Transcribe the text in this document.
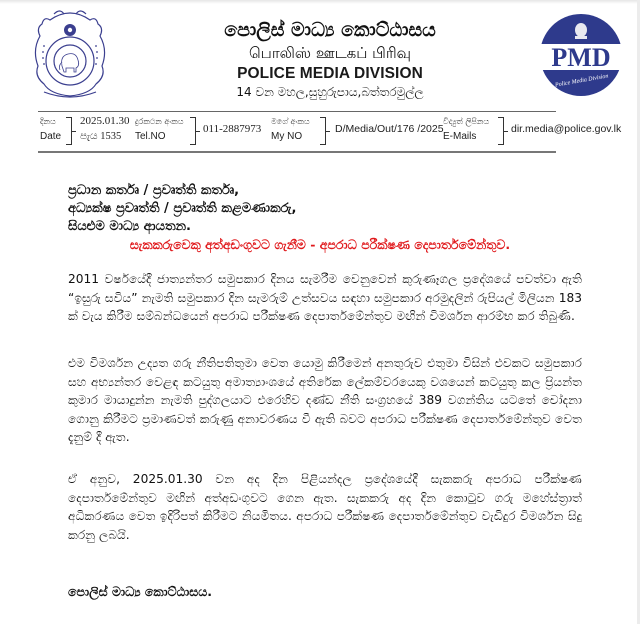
පොලිස් මාධ්‍ය කොට්ඨාසය
பொலிஸ் ஊடகப் பிரிவு
POLICE MEDIA DIVISION
14 වන මහල,සුහුරුපාය,බත්තරමුල්ල
PMD
Police Media Division
දිනය
Date
2025.01.30
පැය 1535
දුරකථන අංකය
Tel.NO
011-2887973
මගේ අංකය
My NO
D/Media/Out/176 /2025
විද්‍යුත් ලිපිනය
E-Mails
dir.media@police.gov.lk
ප්‍රධාන කර්තෘ / ප්‍රවෘත්ති කර්තෘ,
අධ්‍යක්ෂ ප්‍රවෘත්ති / ප්‍රවෘත්ති කළමණාකරු,
සියළුම මාධ්‍ය ආයතන.
සැකකරුවෙකු අත්අඩංගුවට ගැනීම - අපරාධ පරීක්ෂණ දෙපාර්තමේන්තුව.

2011 වර්ෂයේදී ජාත්‍යන්තර සමුපකාර දිනය සැමරීම වෙනුවෙන් කුරුණෑගල ප්‍රදේශයේ පවත්වා ඇති “ඉසුරු සවිය” නැමති සමුපකාර දින සැමරුම් උත්සවය සඳහා සමුපකාර අරමුදලින් රුපියල් මිලියන 183 ක් වැය කිරීම සම්බන්ධයෙන් අපරාධ පරීක්ෂණ දෙපාර්තමේන්තුව මඟින් විමර්ශන ආරම්භ කර තිබුණි.

එම විමර්ශන උද්‍යත ගරු නීතිපතිතුමා වෙත යොමු කිරීමෙන් අනතුරුව එතුමා විසින් එවකට සමුපකාර සහ අභ්‍යන්තර වෙළඳ කටයුතු අමාත්‍යාංශයේ අතිරේක ලේකම්වරයෙකු වශයෙන් කටයුතු කල ප්‍රියන්ත කුමාර මායාදුන්න නැමති පුද්ගලයාට එරෙහිව දණ්ඩ නීති සංග්‍රහයේ 389 වගන්තිය යටතේ චෝදනා ගොනු කිරීමට ප්‍රමාණවත් කරුණු අනාවරණය වී ඇති බවට අපරාධ පරීක්ෂණ දෙපාර්තමේන්තුව වෙත දැනුම් දී ඇත.

ඒ අනුව, 2025.01.30 වන අද දින පිළියන්දල ප්‍රදේශයේදී සැකකරු අපරාධ පරීක්ෂණ දෙපාර්තමේන්තුව මඟින් අත්අඩංගුවට ගෙන ඇත. සැකකරු අද දින කොටුව ගරු මහේස්ත්‍රාත් අධිකරණය වෙත ඉදිරිපත් කිරීමට නියමිතය. අපරාධ පරීක්ෂණ දෙපාර්තමේන්තුව වැඩිදුර විමර්ශන සිදු කරනු ලබයි.

පොලිස් මාධ්‍ය කොට්ඨාසය.
